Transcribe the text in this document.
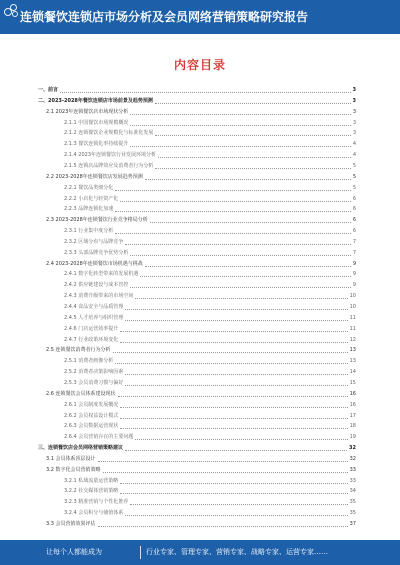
连锁餐饮连锁店市场分析及会员网络营销策略研究报告
内容目录
一、前言	3
二、2023-2028年餐饮连锁店市场前景及趋势预测	3
2.1 2023年连锁餐饮店市场现状分析	3
2.1.1 中国餐饮市场规模概况	3
2.1.2 连锁餐饮企业规模化与标准化发展	3
2.1.3 餐饮连锁化率持续提升	4
2.1.4 2023年连锁餐饮行业发展环境分析	4
2.1.5 连锁店品牌效应及消费者行为分析	5
2.2 2023-2028年连锁餐饮店发展趋势预测	5
2.2.1 餐饮品类细分化	5
2.2.2 小店化与轻资产化	6
2.2.3 品牌连锁化加速	6
2.3 2023-2028年连锁餐饮行业竞争格局分析	6
2.3.1 行业集中度分析	6
2.3.2 区域分布与品牌竞争	7
2.3.3 头部品牌竞争优势分析	7
2.4 2023-2028年连锁餐饮市场机遇与挑战	9
2.4.1 数字化转型带来的发展机遇	9
2.4.2 供应链建设与成本管控	9
2.4.3 消费升级带来的市场空间	10
2.4.4 食品安全与品质管理	10
2.4.5 人才培养与组织管理	11
2.4.6 门店运营效率提升	11
2.4.7 行业政策环境变化	12
2.5 连锁餐饮消费者行为分析	13
2.5.1 消费者画像分析	13
2.5.2 消费者决策影响因素	14
2.5.3 会员消费习惯与偏好	15
2.6 连锁餐饮会员体系建设现状	16
2.6.1 会员制度发展概况	16
2.6.2 会员权益设计模式	17
2.6.3 会员数据运营现状	18
2.6.4 会员营销存在的主要问题	19
三、连锁餐饮店会员网络营销策略建议	32
3.1 会员体系顶层设计	32
3.2 数字化会员营销策略	33
3.2.1 私域流量运营策略	33
3.2.2 社交媒体营销策略	34
3.2.3 精准营销与个性化推荐	35
3.2.4 会员积分与储值体系	35
3.3 会员营销效果评估	37
让每个人都能成为	行业专家、管理专家、营销专家、战略专家、运营专家……
